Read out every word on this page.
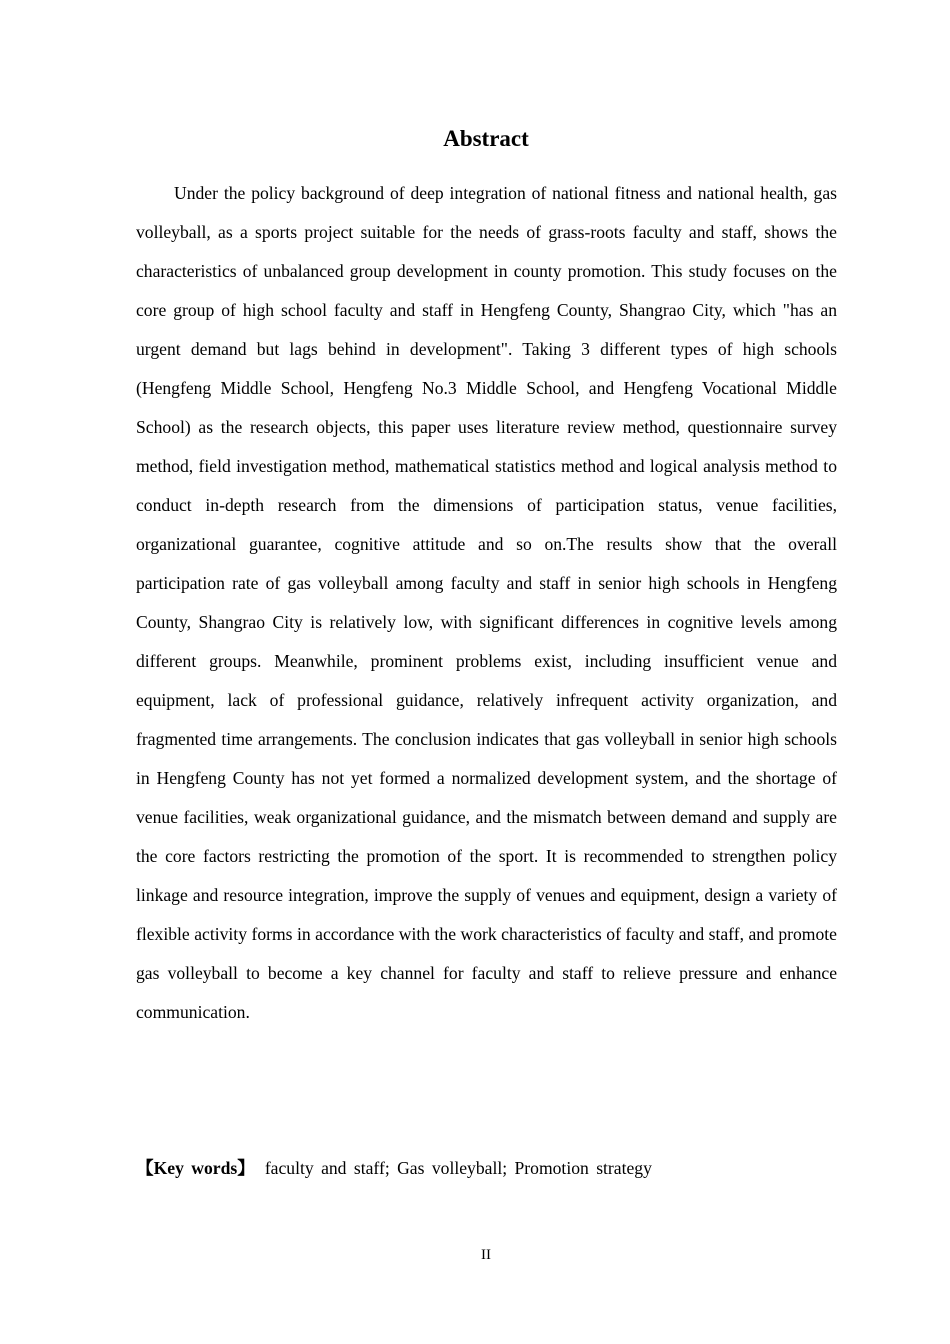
Abstract

Under the policy background of deep integration of national fitness and national health, gas volleyball, as a sports project suitable for the needs of grass-roots faculty and staff, shows the characteristics of unbalanced group development in county promotion. This study focuses on the core group of high school faculty and staff in Hengfeng County, Shangrao City, which "has an urgent demand but lags behind in development". Taking 3 different types of high schools (Hengfeng Middle School, Hengfeng No.3 Middle School, and Hengfeng Vocational Middle School) as the research objects, this paper uses literature review method, questionnaire survey method, field investigation method, mathematical statistics method and logical analysis method to conduct in-depth research from the dimensions of participation status, venue facilities, organizational guarantee, cognitive attitude and so on.The results show that the overall participation rate of gas volleyball among faculty and staff in senior high schools in Hengfeng County, Shangrao City is relatively low, with significant differences in cognitive levels among different groups. Meanwhile, prominent problems exist, including insufficient venue and equipment, lack of professional guidance, relatively infrequent activity organization, and fragmented time arrangements. The conclusion indicates that gas volleyball in senior high schools in Hengfeng County has not yet formed a normalized development system, and the shortage of venue facilities, weak organizational guidance, and the mismatch between demand and supply are the core factors restricting the promotion of the sport. It is recommended to strengthen policy linkage and resource integration, improve the supply of venues and equipment, design a variety of flexible activity forms in accordance with the work characteristics of faculty and staff, and promote gas volleyball to become a key channel for faculty and staff to relieve pressure and enhance communication.

【Key words】 faculty and staff; Gas volleyball; Promotion strategy
II
